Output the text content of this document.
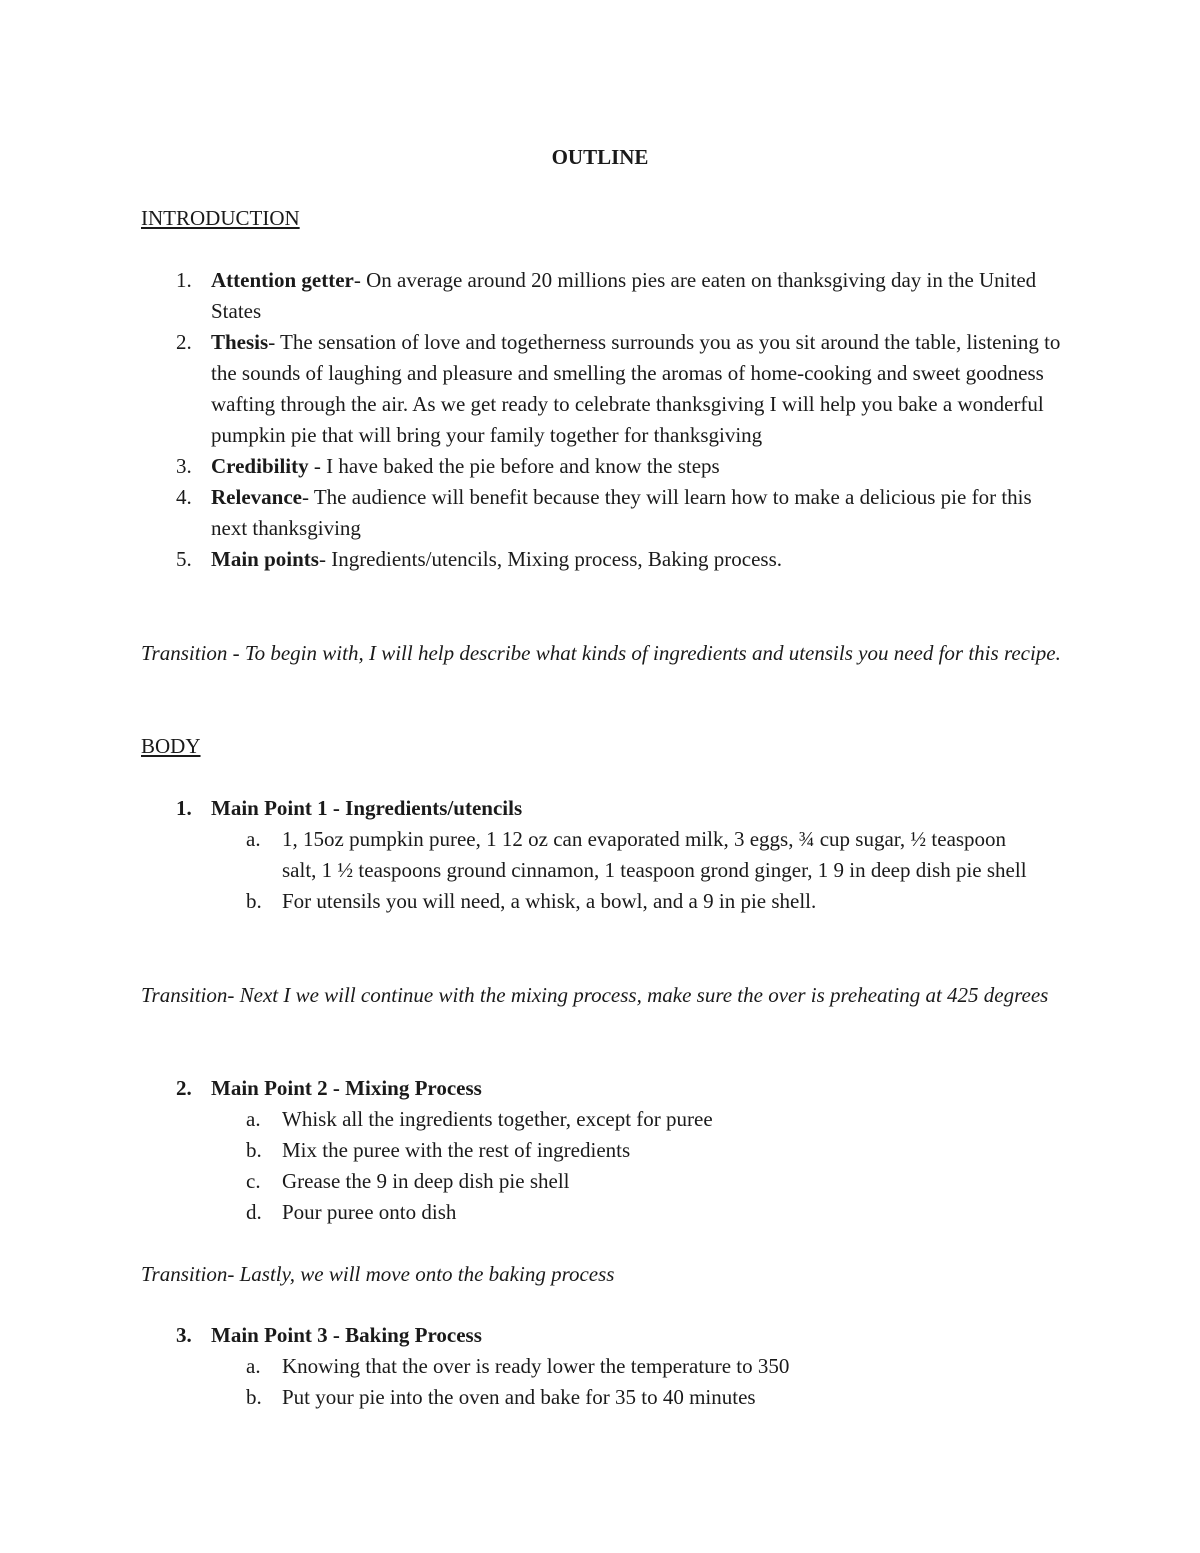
OUTLINE
INTRODUCTION
1. Attention getter- On average around 20 millions pies are eaten on thanksgiving day in the United States
2. Thesis- The sensation of love and togetherness surrounds you as you sit around the table, listening to the sounds of laughing and pleasure and smelling the aromas of home-cooking and sweet goodness wafting through the air. As we get ready to celebrate thanksgiving I will help you bake a wonderful pumpkin pie that will bring your family together for thanksgiving
3. Credibility - I have baked the pie before and know the steps
4. Relevance- The audience will benefit because they will learn how to make a delicious pie for this next thanksgiving
5. Main points- Ingredients/utencils, Mixing process, Baking process.

Transition - To begin with, I will help describe what kinds of ingredients and utensils you need for this recipe.

BODY
1. Main Point 1 - Ingredients/utencils
a. 1, 15oz pumpkin puree, 1 12 oz can evaporated milk, 3 eggs, ¾ cup sugar, ½ teaspoon salt, 1 ½ teaspoons ground cinnamon, 1 teaspoon grond ginger, 1 9 in deep dish pie shell
b. For utensils you will need, a whisk, a bowl, and a 9 in pie shell.

Transition- Next I we will continue with the mixing process, make sure the over is preheating at 425 degrees

2. Main Point 2 - Mixing Process
a. Whisk all the ingredients together, except for puree
b. Mix the puree with the rest of ingredients
c. Grease the 9 in deep dish pie shell
d. Pour puree onto dish

Transition- Lastly, we will move onto the baking process

3. Main Point 3 - Baking Process
a. Knowing that the over is ready lower the temperature to 350
b. Put your pie into the oven and bake for 35 to 40 minutes
